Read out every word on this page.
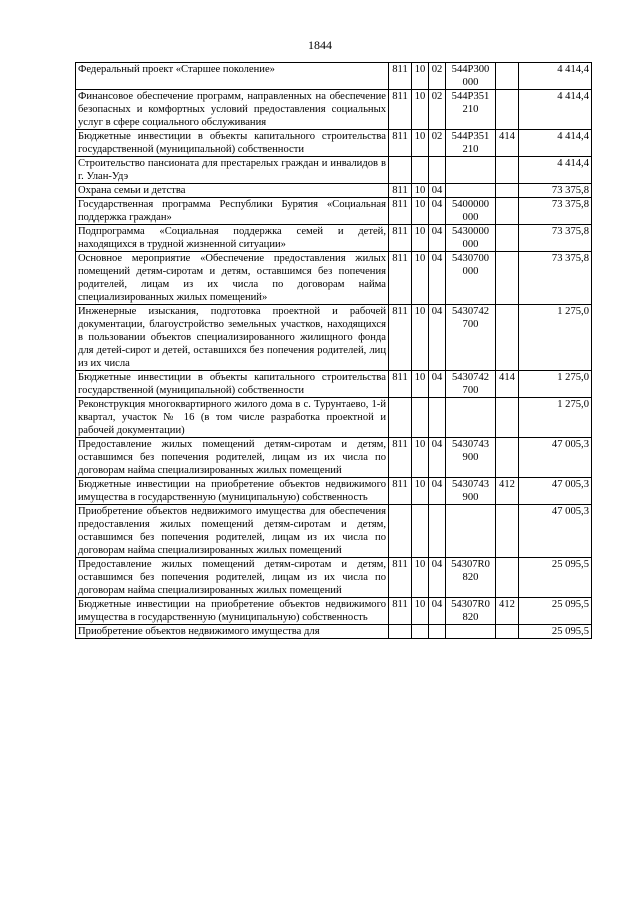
1844
Федеральный проект «Старшее поколение»	811	10	02	544P300 000		4 414,4
Финансовое обеспечение программ, направленных на обеспечение безопасных и комфортных условий предоставления социальных услуг в сфере социального обслуживания	811	10	02	544P351 210		4 414,4
Бюджетные инвестиции в объекты капитального строительства государственной (муниципальной) собственности	811	10	02	544P351 210	414	4 414,4
Строительство пансионата для престарелых граждан и инвалидов в г. Улан-Удэ						4 414,4
Охрана семьи и детства	811	10	04			73 375,8
Государственная программа Республики Бурятия «Социальная поддержка граждан»	811	10	04	5400000 000		73 375,8
Подпрограмма «Социальная поддержка семей и детей, находящихся в трудной жизненной ситуации»	811	10	04	5430000 000		73 375,8
Основное мероприятие «Обеспечение предоставления жилых помещений детям-сиротам и детям, оставшимся без попечения родителей, лицам из их числа по договорам найма специализированных жилых помещений»	811	10	04	5430700 000		73 375,8
Инженерные изыскания, подготовка проектной и рабочей документации, благоустройство земельных участков, находящихся в пользовании объектов специализированного жилищного фонда для детей-сирот и детей, оставшихся без попечения родителей, лиц из их числа	811	10	04	5430742 700		1 275,0
Бюджетные инвестиции в объекты капитального строительства государственной (муниципальной) собственности	811	10	04	5430742 700	414	1 275,0
Реконструкция многоквартирного жилого дома в с. Турунтаево, 1-й квартал, участок № 16 (в том числе разработка проектной и рабочей документации)						1 275,0
Предоставление жилых помещений детям-сиротам и детям, оставшимся без попечения родителей, лицам из их числа по договорам найма специализированных жилых помещений	811	10	04	5430743 900		47 005,3
Бюджетные инвестиции на приобретение объектов недвижимого имущества в государственную (муниципальную) собственность	811	10	04	5430743 900	412	47 005,3
Приобретение объектов недвижимого имущества для обеспечения предоставления жилых помещений детям-сиротам и детям, оставшимся без попечения родителей, лицам из их числа по договорам найма специализированных жилых помещений						47 005,3
Предоставление жилых помещений детям-сиротам и детям, оставшимся без попечения родителей, лицам из их числа по договорам найма специализированных жилых помещений	811	10	04	54307R0 820		25 095,5
Бюджетные инвестиции на приобретение объектов недвижимого имущества в государственную (муниципальную) собственность	811	10	04	54307R0 820	412	25 095,5
Приобретение объектов недвижимого имущества для						25 095,5
